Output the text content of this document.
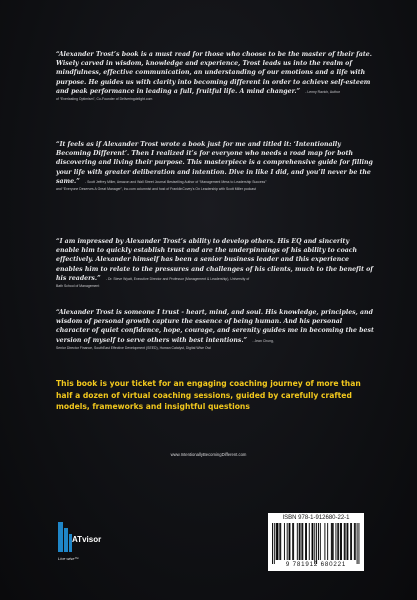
“Alexander Trost’s book is a must read for those who choose to be the master of their fate. Wisely carved in wisdom, knowledge and experience, Trost leads us into the realm of mindfulness, effective communication, an understanding of our emotions and a life with purpose. He guides us with clarity into becoming different in order to achieve self-esteem and peak performance in leading a full, fruitful life. A mind changer.” - Lenny Ravich, Author
of “Everlasting Optimism”, Co-Founder of Deliveringdelight.com
“It feels as if Alexander Trost wrote a book just for me and titled it: ‘Intentionally Becoming Different’. Then I realized it’s for everyone who needs a road map for both discovering and living their purpose. This masterpiece is a comprehensive guide for filling your life with greater deliberation and intention. Dive in like I did, and you’ll never be the same.” - Scott Jeffrey Miller, Amazon and Wall Street Journal Bestselling Author of “Management Mess to Leadership Success”
and “Everyone Deserves A Great Manager”, Inc.com columnist and host of FranklinCovey’s On Leadership with Scott Miller podcast
“I am impressed by Alexander Trost’s ability to develop others. His EQ and sincerity enable him to quickly establish trust and are the underpinnings of his ability to coach effectively. Alexander himself has been a senior business leader and this experience enables him to relate to the pressures and challenges of his clients, much to the benefit of his readers.” - Dr. Steve Wyatt, Executive Director and Professor (Management & Leadership), University of
Bath School of Management
“Alexander Trost is someone I trust - heart, mind, and soul. His knowledge, principles, and wisdom of personal growth capture the essence of being human. And his personal character of quiet confidence, hope, courage, and serenity guides me in becoming the best version of myself to serve others with best intentions.” - Jean Chung,
Senior Director Finance, SouthEast Effective Development (SEED), Human Catalyst, Digital Wise Owl
This book is your ticket for an engaging coaching journey of more than half a dozen of virtual coaching sessions, guided by carefully crafted models, frameworks and insightful questions
www.IntentionallyBecomingDifferent.com
ATvisor
Live wise™
ISBN 978-1-912680-22-1
9 781912 680221
